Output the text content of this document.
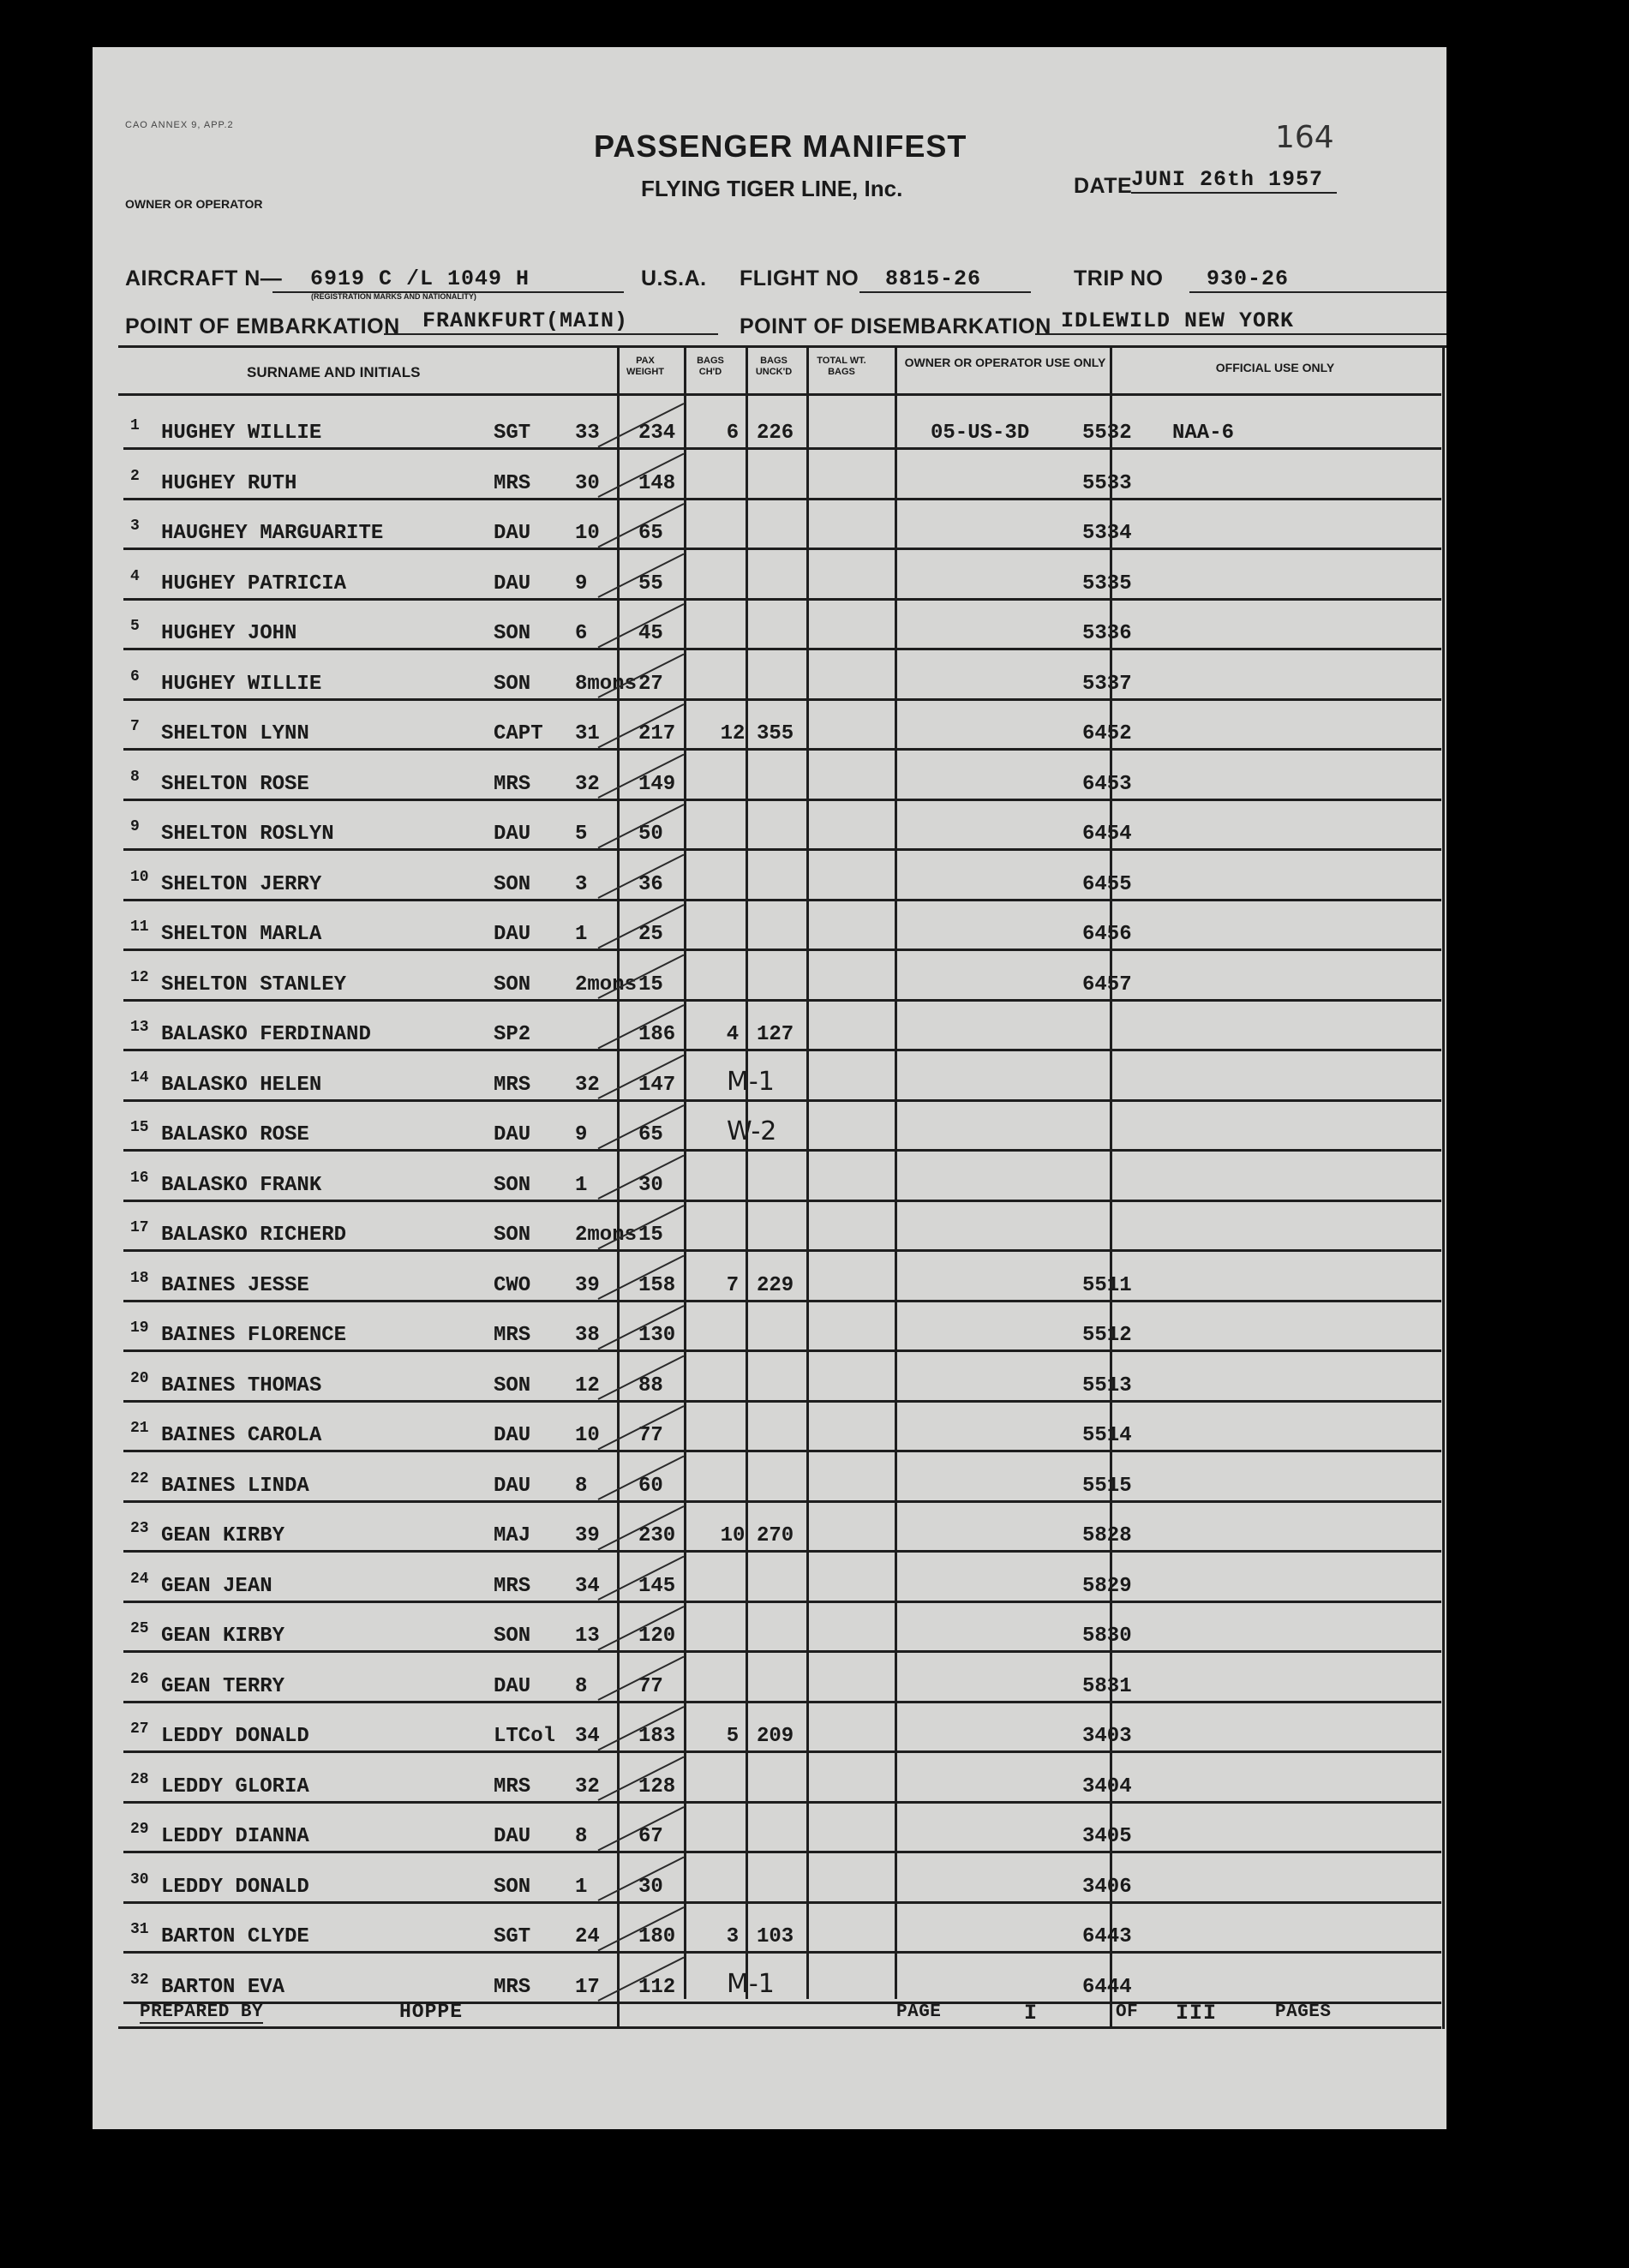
CAO ANNEX 9, APP.2	164
PASSENGER MANIFEST
FLYING TIGER LINE, Inc.
OWNER OR OPERATOR
DATE
JUNI 26th 1957
AIRCRAFT N—	6919 C /L 1049 H
(REGISTRATION MARKS AND NATIONALITY)
U.S.A. FLIGHT NO	8815-26	TRIP NO	930-26
POINT OF EMBARKATION	FRANKFURT(MAIN)	POINT OF DISEMBARKATION IDLEWILD NEW YORK
SURNAME AND INITIALS
PAX WEIGHT
BAGS CH'D
BAGS UNCK'D
TOTAL WT. BAGS
OWNER OR OPERATOR USE ONLY	OFFICIAL USE ONLY
1 HUGHEY WILLIE	SGT 33 234	6 226	05-US-3D	5532 NAA-6
2 HUGHEY RUTH	MRS 30 148	5533
3 HAUGHEY MARGUARITE	DAU 10 65	5334
4 HUGHEY PATRICIA	DAU 9 55	5335
5 HUGHEY JOHN	SON 6 45	5336
6 HUGHEY WILLIE	SON 8mons 27	5337
7 SHELTON LYNN	CAPT 31 217	12 355	6452
8 SHELTON ROSE	MRS 32 149	6453
9 SHELTON ROSLYN	DAU 5 50	6454
10 SHELTON JERRY	SON 3 36	6455
11 SHELTON MARLA	DAU 1 25	6456
12 SHELTON STANLEY	SON 2mons 15	6457
13 BALASKO FERDINAND	SP2	186	4 127
14 BALASKO HELEN	MRS 32 147 M-1
15 BALASKO ROSE	DAU 9 65 W-2
16 BALASKO FRANK	SON 1 30
17 BALASKO RICHERD	SON 2mons 15
18 BAINES JESSE	CWO 39 158	7 229	5511
19 BAINES FLORENCE	MRS 38 130	5512
20 BAINES THOMAS	SON 12 88	5513
21 BAINES CAROLA	DAU 10 77	5514
22 BAINES LINDA	DAU 8 60	5515
23 GEAN KIRBY	MAJ 39 230	10 270	5828
24 GEAN JEAN	MRS 34 145	5829
25 GEAN KIRBY	SON 13 120	5830
26 GEAN TERRY	DAU 8 77	5831
27 LEDDY DONALD	LTCol 34 183	5 209	3403
28 LEDDY GLORIA	MRS 32 128	3404
29 LEDDY DIANNA	DAU 8 67	3405
30 LEDDY DONALD	SON 1 30	3406
31 BARTON CLYDE	SGT 24 180	3 103	6443
32 BARTON EVA	MRS 17 112 M-1	6444
PREPARED BY	HOPPE	PAGE	I	OF III	PAGES
